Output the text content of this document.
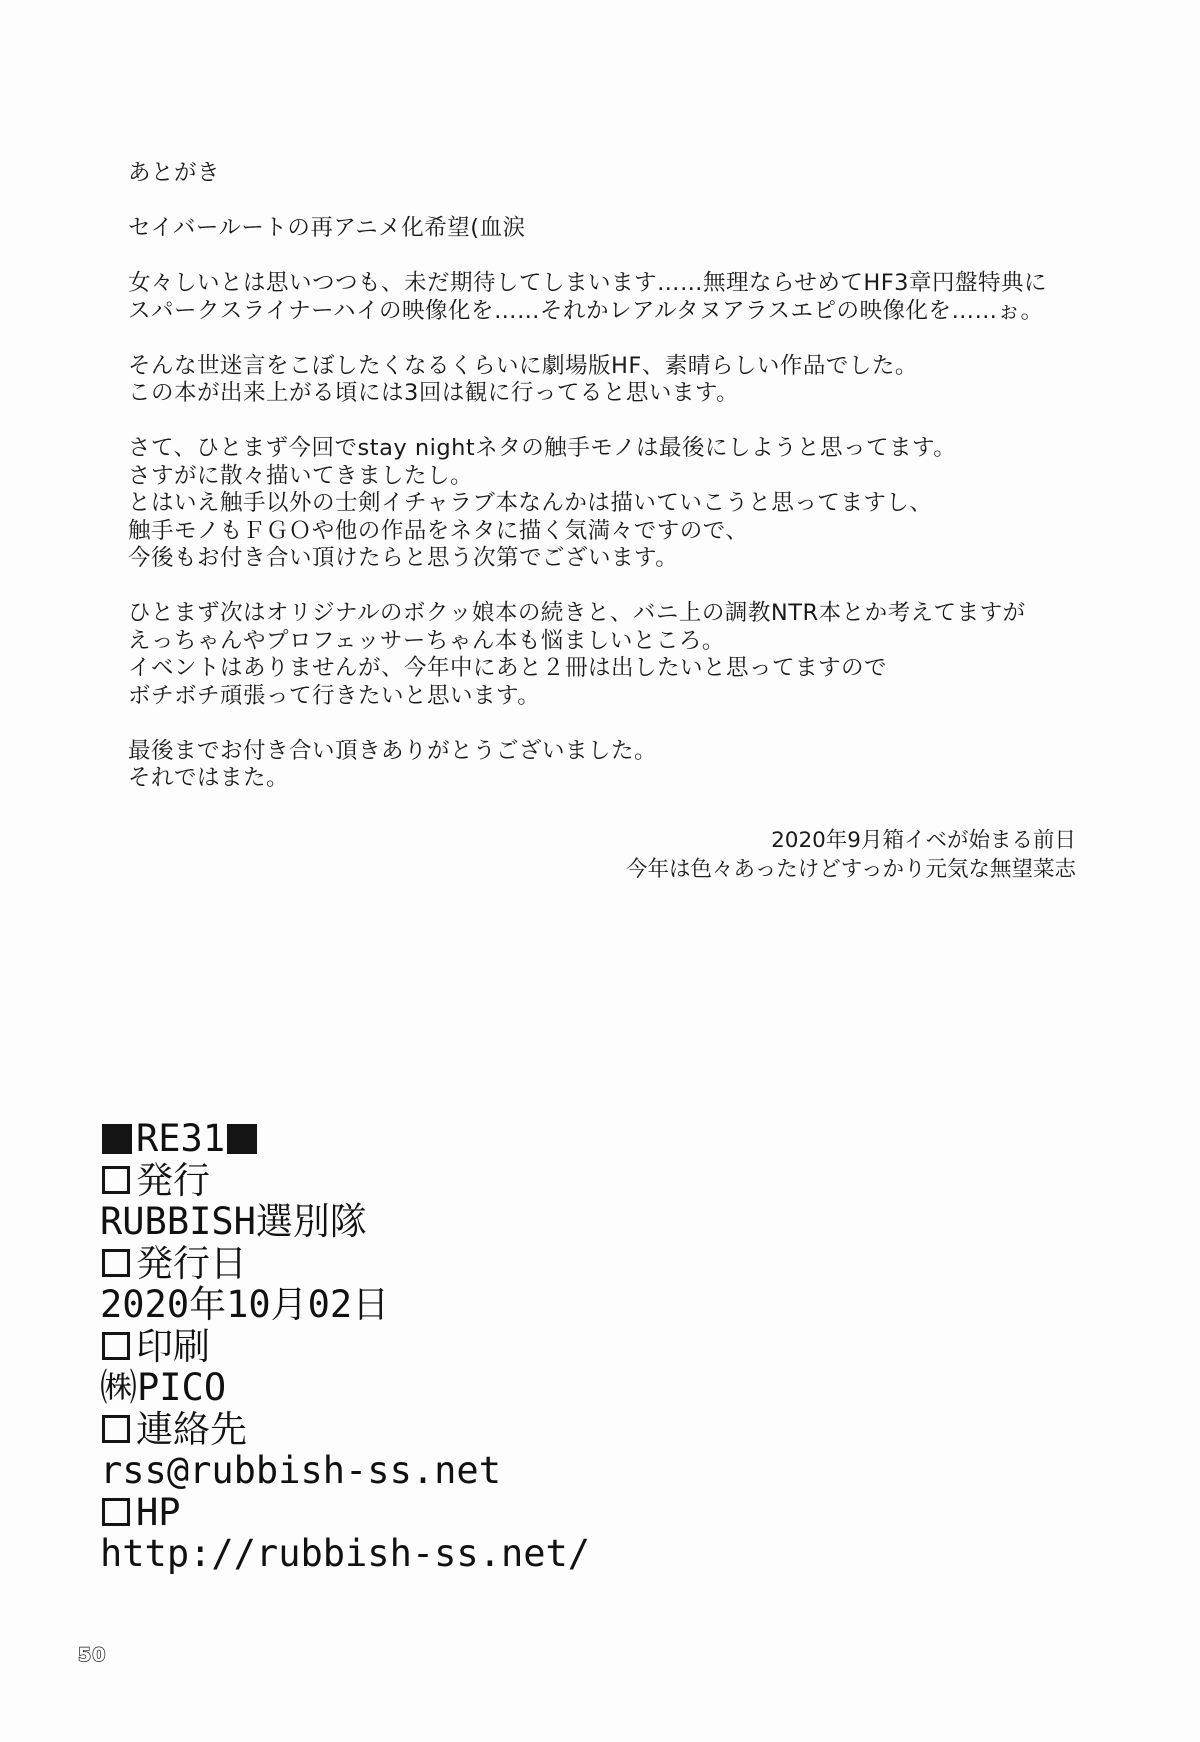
あとがき
セイバールートの再アニメ化希望(血涙
女々しいとは思いつつも、未だ期待してしまいます……無理ならせめてHF3章円盤特典に
スパークスライナーハイの映像化を……それかレアルタヌアラスエピの映像化を……ぉ。
そんな世迷言をこぼしたくなるくらいに劇場版HF、素晴らしい作品でした。
この本が出来上がる頃には3回は観に行ってると思います。
さて、ひとまず今回でstay nightネタの触手モノは最後にしようと思ってます。
さすがに散々描いてきましたし。
とはいえ触手以外の士剣イチャラブ本なんかは描いていこうと思ってますし、
触手モノもＦＧＯや他の作品をネタに描く気満々ですので、
今後もお付き合い頂けたらと思う次第でございます。
ひとまず次はオリジナルのボクッ娘本の続きと、バニ上の調教NTR本とか考えてますが
えっちゃんやプロフェッサーちゃん本も悩ましいところ。
イベントはありませんが、今年中にあと２冊は出したいと思ってますので
ボチボチ頑張って行きたいと思います。
最後までお付き合い頂きありがとうございました。
それではまた。
2020年9月箱イベが始まる前日
今年は色々あったけどすっかり元気な無望菜志
RE31
発行
RUBBISH選別隊
発行日
2020年10月02日
印刷
㈱PICO
連絡先
rss@rubbish-ss.net
HP
http://rubbish-ss.net/
50
